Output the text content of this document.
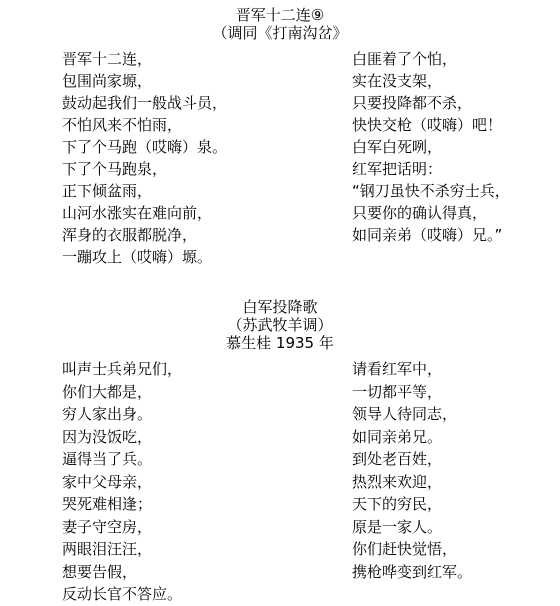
晋军十二连⑨
（调同《打南沟岔》
晋军十二连，
包围尚家塬，
鼓动起我们一般战斗员，
不怕风来不怕雨，
下了个马跑（哎嗨）泉。
下了个马跑泉，
正下倾盆雨，
山河水涨实在难向前，
浑身的衣服都脱净，
一蹦攻上（哎嗨）塬。
白匪着了个怕，
实在没支架，
只要投降都不杀，
快快交枪（哎嗨）吧！
白军白死咧，
红军把话明：
“钢刀虽快不杀穷士兵，
只要你的确认得真，
如同亲弟（哎嗨）兄。”
白军投降歌
（苏武牧羊调）
慕生桂 1935 年
叫声士兵弟兄们，
你们大都是，
穷人家出身。
因为没饭吃，
逼得当了兵。
家中父母亲，
哭死难相逢；
妻子守空房，
两眼泪汪汪，
想要告假，
反动长官不答应。
请看红军中，
一切都平等，
领导人待同志，
如同亲弟兄。
到处老百姓，
热烈来欢迎，
天下的穷民，
原是一家人。
你们赶快觉悟，
携枪哗变到红军。
